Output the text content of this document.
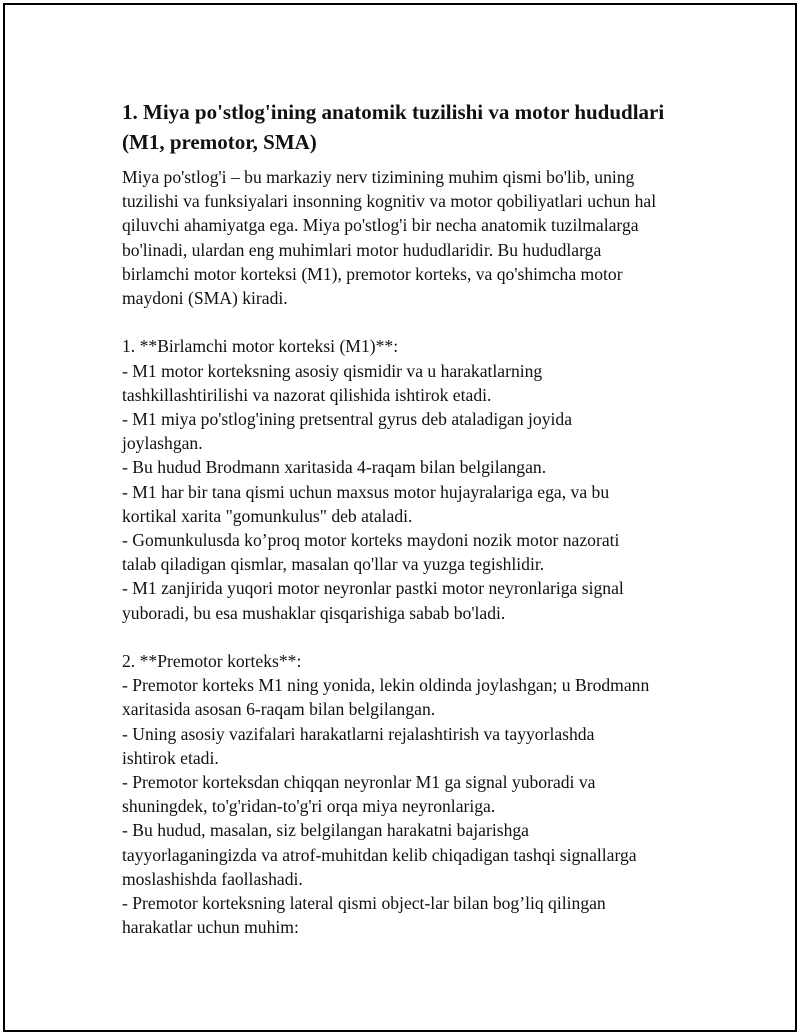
1. Miya po'stlog'ining anatomik tuzilishi va motor hududlari
(M1, premotor, SMA)

Miya po'stlog'i – bu markaziy nerv tizimining muhim qismi bo'lib, uning
tuzilishi va funksiyalari insonning kognitiv va motor qobiliyatlari uchun hal
qiluvchi ahamiyatga ega. Miya po'stlog'i bir necha anatomik tuzilmalarga
bo'linadi, ulardan eng muhimlari motor hududlaridir. Bu hududlarga
birlamchi motor korteksi (M1), premotor korteks, va qo'shimcha motor
maydoni (SMA) kiradi.

1. **Birlamchi motor korteksi (M1)**:
- M1 motor korteksning asosiy qismidir va u harakatlarning
tashkillashtirilishi va nazorat qilishida ishtirok etadi.
- M1 miya po'stlog'ining pretsentral gyrus deb ataladigan joyida
joylashgan.
- Bu hudud Brodmann xaritasida 4-raqam bilan belgilangan.
- M1 har bir tana qismi uchun maxsus motor hujayralariga ega, va bu
kortikal xarita "gomunkulus" deb ataladi.
- Gomunkulusda ko’proq motor korteks maydoni nozik motor nazorati
talab qiladigan qismlar, masalan qo'llar va yuzga tegishlidir.
- M1 zanjirida yuqori motor neyronlar pastki motor neyronlariga signal
yuboradi, bu esa mushaklar qisqarishiga sabab bo'ladi.

2. **Premotor korteks**:
- Premotor korteks M1 ning yonida, lekin oldinda joylashgan; u Brodmann
xaritasida asosan 6-raqam bilan belgilangan.
- Uning asosiy vazifalari harakatlarni rejalashtirish va tayyorlashda
ishtirok etadi.
- Premotor korteksdan chiqqan neyronlar M1 ga signal yuboradi va
shuningdek, to'g'ridan-to'g'ri orqa miya neyronlariga.
- Bu hudud, masalan, siz belgilangan harakatni bajarishga
tayyorlaganingizda va atrof-muhitdan kelib chiqadigan tashqi signallarga
moslashishda faollashadi.
- Premotor korteksning lateral qismi object-lar bilan bog’liq qilingan
harakatlar uchun muhim:
